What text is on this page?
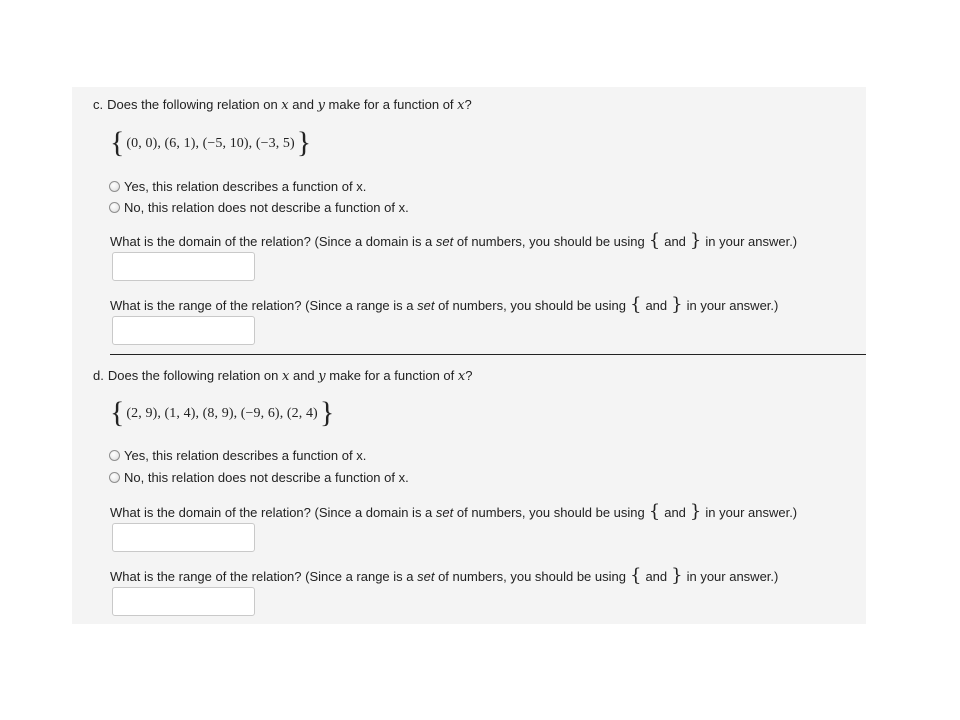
c. Does the following relation on x and y make for a function of x?
{ (0, 0), (6, 1), (−5, 10), (−3, 5) }
Yes, this relation describes a function of x.
No, this relation does not describe a function of x.
What is the domain of the relation? (Since a domain is a set of numbers, you should be using { and } in your answer.)
What is the range of the relation? (Since a range is a set of numbers, you should be using { and } in your answer.)
d. Does the following relation on x and y make for a function of x?
{ (2, 9), (1, 4), (8, 9), (−9, 6), (2, 4) }
Yes, this relation describes a function of x.
No, this relation does not describe a function of x.
What is the domain of the relation? (Since a domain is a set of numbers, you should be using { and } in your answer.)
What is the range of the relation? (Since a range is a set of numbers, you should be using { and } in your answer.)
